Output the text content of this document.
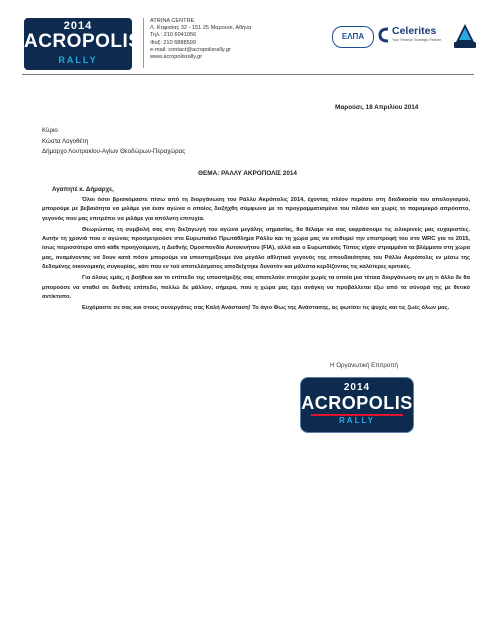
2014
ACROPOLIS
RALLY
ATRINA CENTRE
Λ. Κηφισίας 32 - 151 25 Μαρούσι, Αθήνα
Τηλ.: 210 6041056
Φαξ: 210 6888599
e-mail: contact@acropolisrally.gr
www.acropolisrally.gr
ΕΛΠΑ	Celerites
Your Finance Strategic Partner
Μαρούσι, 18 Απριλίου 2014
Κύριο
Κώστα Λογοθέτη
Δήμαρχο Λουτρακίου-Αγίων Θεοδώρων-Περαχώρας
ΘΕΜΑ: ΡΑΛΛΥ ΑΚΡΟΠΟΛΙΣ 2014
Αγαπητέ κ. Δήμαρχε,

Όλοι όσοι βρισκόμαστε πίσω από τη διοργάνωση του Ράλλυ Ακρόπολις 2014, έχοντας πλέον περάσει στη διαδικασία του απολογισμού, μπορούμε με βεβαιότητα να μιλάμε για έναν αγώνα ο οποίος διεξήχθη σύμφωνα με το προγραμματισμένο του πλάνο και χωρίς το παραμικρό απρόοπτο, γεγονός που μας επιτρέπει να μιλάμε για απόλυτη επιτυχία.

Θεωρώντας τη συμβολή σας στη διεξαγωγή του αγώνα μεγάλης σημασίας, θα θέλαμε να σας εκφράσουμε τις ειλικρινείς μας ευχαριστίες. Αυτήν τη χρονιά που ο αγώνας προσμετρούσε στο Ευρωπαϊκό Πρωτάθλημα Ράλλυ και τη χώρα μας να επιθυμεί την επιστροφή του στο WRC για το 2015, ίσως περισσότερο από κάθε προηγούμενη, η Διεθνής Ομοσπονδία Αυτοκινήτου (FIA), αλλά και ο Ευρωπαϊκός Τύπος είχαν στραμμένα τα βλέμματα στη χώρα μας, αναμένοντας να δουν κατά πόσο μπορούμε να υποστηρίξουμε ένα μεγάλο αθλητικό γεγονός της σπουδαιότητας του Ράλλυ Ακρόπολις εν μέσω της δεδομένης οικονομικής συγκυρίας, κάτι που εν τού αποτελέσματος αποδείχτηκε δυνατόν και μάλιστα κερδίζοντας τις καλύτερες κριτικές.

Για όλους εμάς, η βοήθεια και το επίπεδο της υποστήριξής σας αποτελούν στοιχεία χωρίς τα οποία μια τέτοια διοργάνωση αν μη τι άλλο δε θα μπορούσε να σταθεί σε διεθνές επίπεδο, πολλώ δε μάλλον, σήμερα, που η χώρα μας έχει ανάγκη να προβάλλεται έξω από τα σύνορά της με θετικό αντίκτυπο.

Ευχόμαστε σε σας και στους συνεργάτες σας Καλή Ανάσταση! Το άγιο Φως της Ανάστασης, ας φωτίσει τις ψυχές και τις ζωές όλων μας.

Η Οργανωτική Επιτροπή
2014
ACROPOLIS
RALLY
